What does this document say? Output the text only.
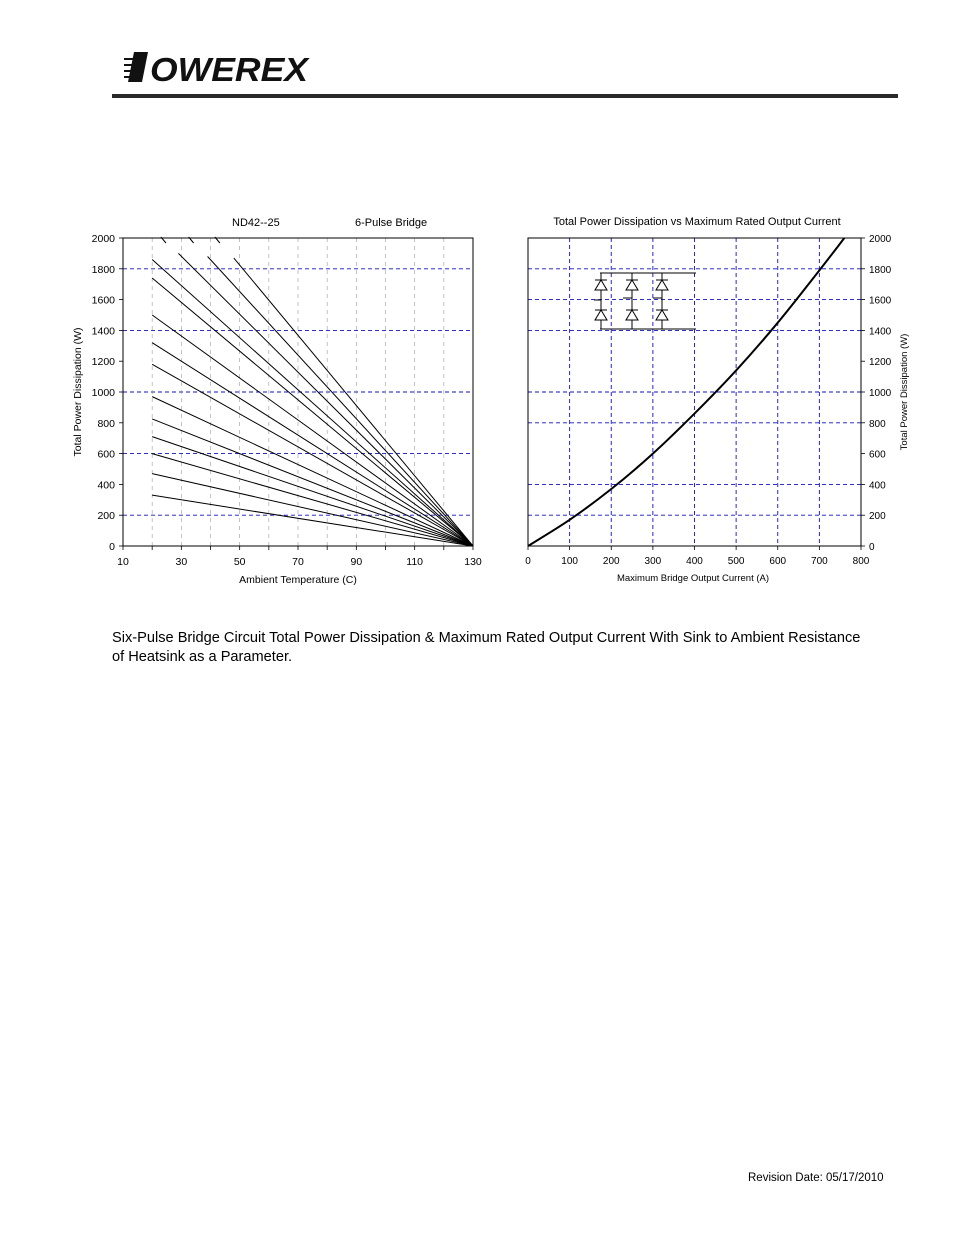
OWEREX
ND42--25	6-Pulse Bridge
10	30	50	70	90	110	130
0
200
400
600
800
1000
1200
1400
1600
1800
2000
Ambient Temperature (C)
Total Power Dissipation (W)
Total Power Dissipation vs Maximum Rated Output Current
0	100 200 300 400 500 600 700 800
0
200
400
600
800
1000
1200
1400
1600
1800
2000
Maximum Bridge Output Current (A)
Total Power Dissipation (W)
Six-Pulse Bridge Circuit Total Power Dissipation & Maximum Rated Output Current With Sink to Ambient Resistance of Heatsink as a Parameter.
Revision Date: 05/17/2010
